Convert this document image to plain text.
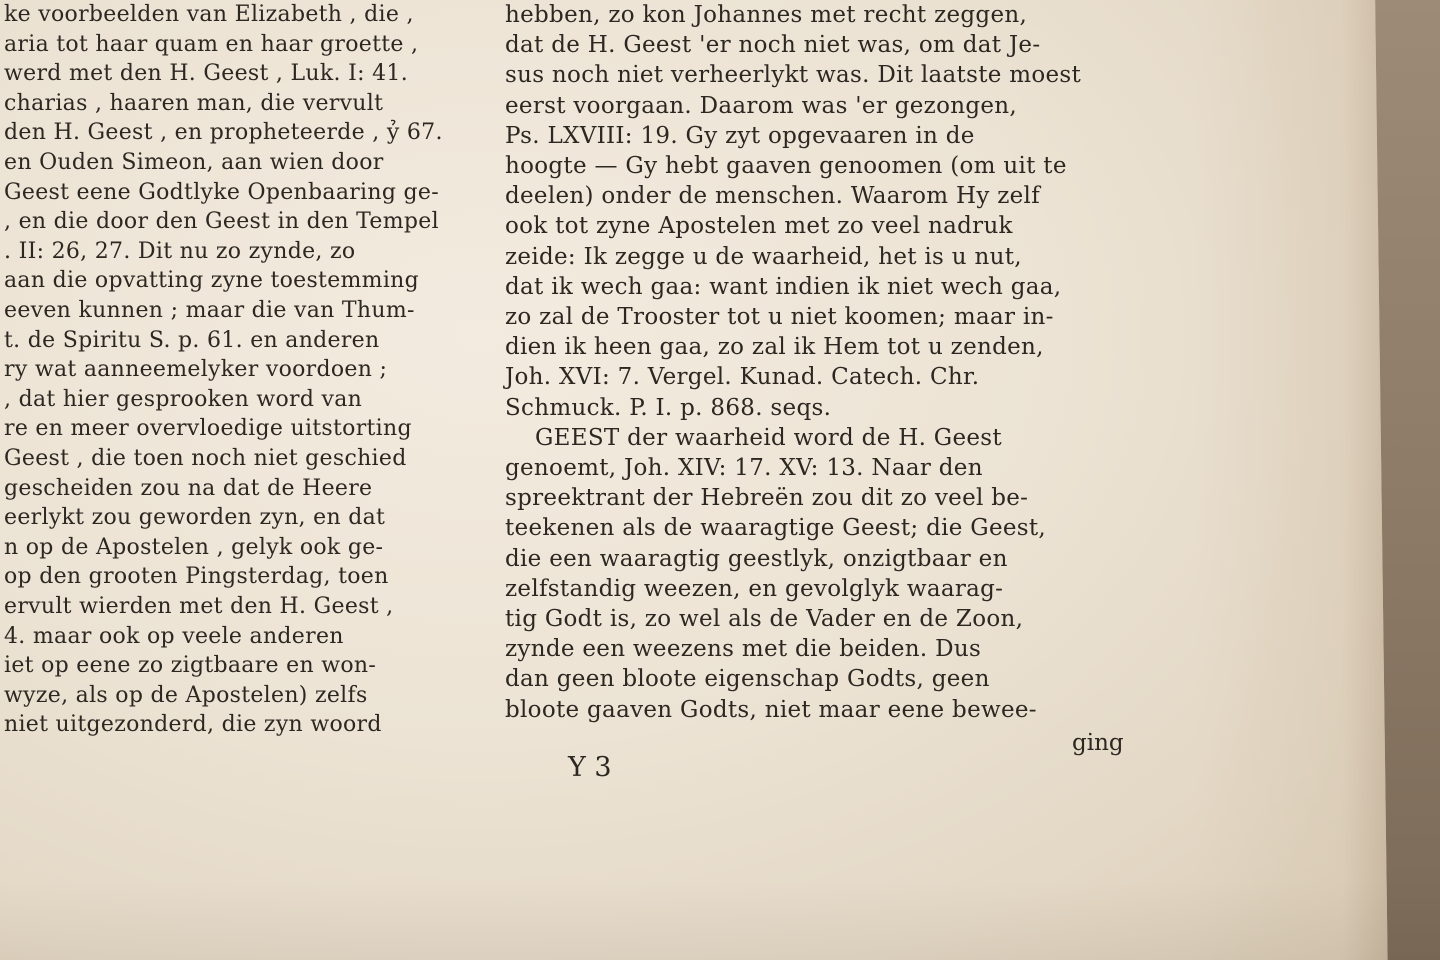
ke voorbeelden van Elizabeth , die ,
aria tot haar quam en haar groette ,
werd met den H. Geest , Luk. I: 41.
charias , haaren man, die vervult
den H. Geest , en propheteerde , ỷ 67.
en Ouden Simeon, aan wien door
Geest eene Godtlyke Openbaaring ge-
, en die door den Geest in den Tempel
. II: 26, 27. Dit nu zo zynde, zo
aan die opvatting zyne toestemming
eeven kunnen ; maar die van Thum-
t. de Spiritu S. p. 61. en anderen
ry wat aanneemelyker voordoen ;
, dat hier gesprooken word van
re en meer overvloedige uitstorting
Geest , die toen noch niet geschied
gescheiden zou na dat de Heere
eerlykt zou geworden zyn, en dat
n op de Apostelen , gelyk ook ge-
op den grooten Pingsterdag, toen
ervult wierden met den H. Geest ,
4. maar ook op veele anderen
iet op eene zo zigtbaare en won-
wyze, als op de Apostelen) zelfs
niet uitgezonderd, die zyn woord
hebben, zo kon Johannes met recht zeggen,
dat de H. Geest 'er noch niet was, om dat Je-
sus noch niet verheerlykt was. Dit laatste moest
eerst voorgaan. Daarom was 'er gezongen,
Ps. LXVIII: 19. Gy zyt opgevaaren in de
hoogte — Gy hebt gaaven genoomen (om uit te
deelen) onder de menschen. Waarom Hy zelf
ook tot zyne Apostelen met zo veel nadruk
zeide: Ik zegge u de waarheid, het is u nut,
dat ik wech gaa: want indien ik niet wech gaa,
zo zal de Trooster tot u niet koomen; maar in-
dien ik heen gaa, zo zal ik Hem tot u zenden,
Joh. XVI: 7. Vergel. Kunad. Catech. Chr.
Schmuck. P. I. p. 868. seqs.
GEEST der waarheid word de H. Geest
genoemt, Joh. XIV: 17. XV: 13. Naar den
spreektrant der Hebreën zou dit zo veel be-
teekenen als de waaragtige Geest; die Geest,
die een waaragtig geestlyk, onzigtbaar en
zelfstandig weezen, en gevolglyk waarag-
tig Godt is, zo wel als de Vader en de Zoon,
zynde een weezens met die beiden. Dus
dan geen bloote eigenschap Godts, geen
bloote gaaven Godts, niet maar eene bewee-
Y 3
ging
